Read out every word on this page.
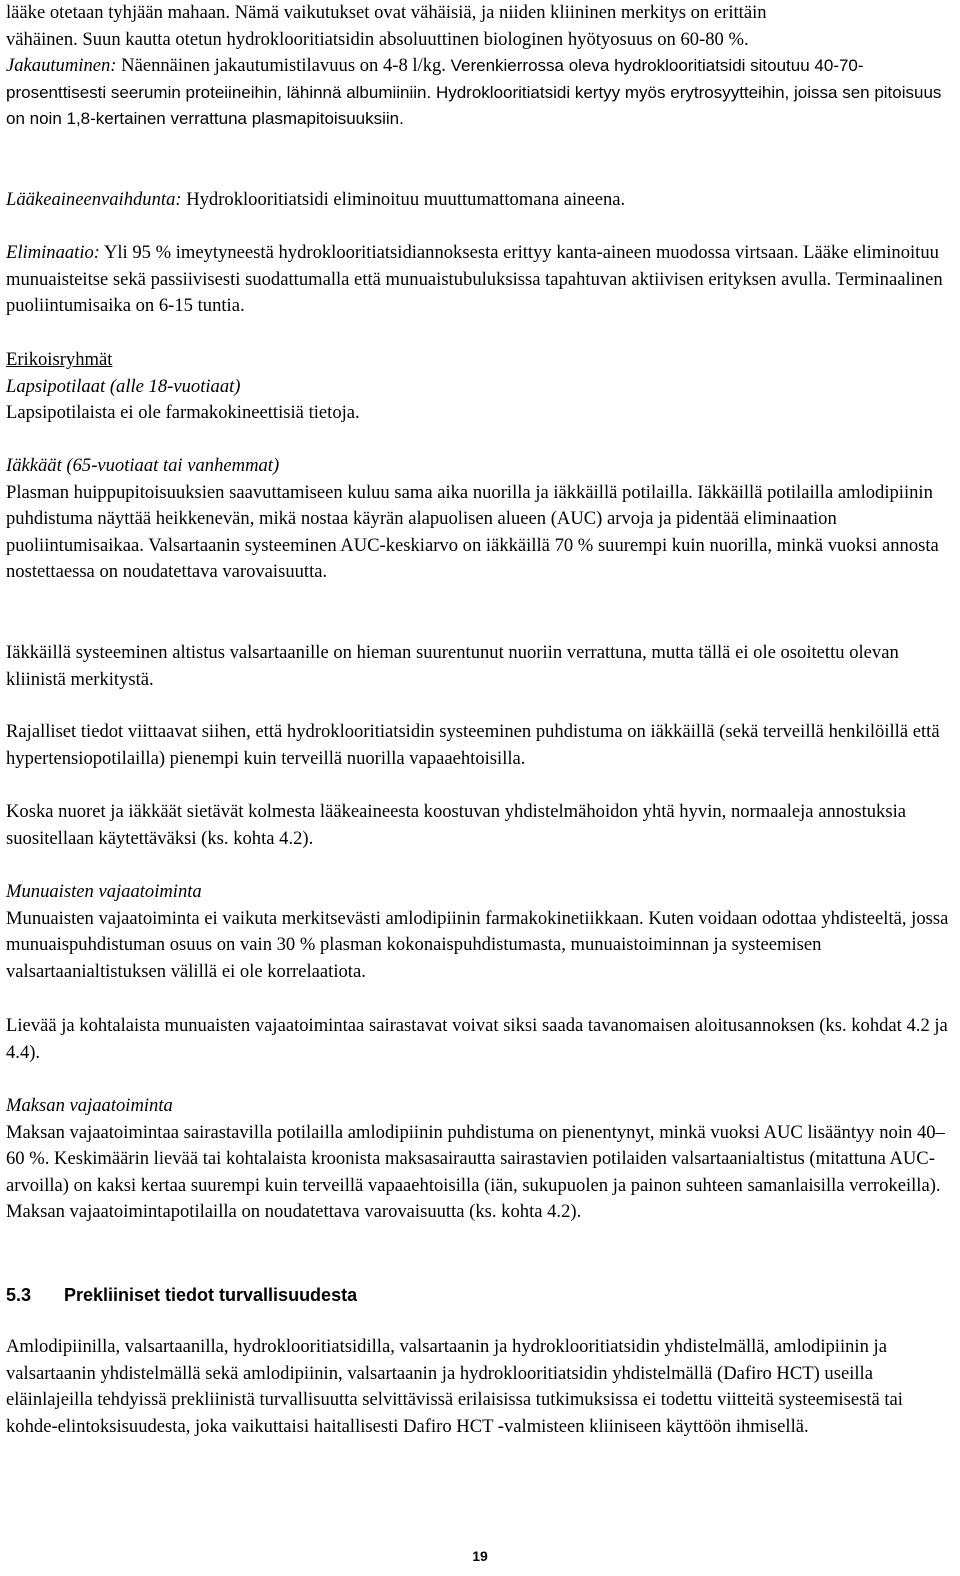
lääke otetaan tyhjään mahaan. Nämä vaikutukset ovat vähäisiä, ja niiden kliininen merkitys on erittäin
vähäinen. Suun kautta otetun hydroklooritiatsidin absoluuttinen biologinen hyötyosuus on 60-80 %.

Jakautuminen: Näennäinen jakautumistilavuus on 4-8 l/kg. Verenkierrossa oleva hydroklooritiatsidi sitoutuu 40-70-prosenttisesti seerumin proteiineihin, lähinnä albumiiniin. Hydroklooritiatsidi kertyy myös erytrosyytteihin, joissa sen pitoisuus on noin 1,8-kertainen verrattuna plasmapitoisuuksiin.

Lääkeaineenvaihdunta: Hydroklooritiatsidi eliminoituu muuttumattomana aineena.

Eliminaatio: Yli 95 % imeytyneestä hydroklooritiatsidiannoksesta erittyy kanta-aineen muodossa virtsaan. Lääke eliminoituu munuaisteitse sekä passiivisesti suodattumalla että munuaistubuluksissa tapahtuvan aktiivisen erityksen avulla. Terminaalinen puoliintumisaika on 6-15 tuntia.

Erikoisryhmät
Lapsipotilaat (alle 18-vuotiaat)
Lapsipotilaista ei ole farmakokineettisiä tietoja.

Iäkkäät (65-vuotiaat tai vanhemmat)
Plasman huippupitoisuuksien saavuttamiseen kuluu sama aika nuorilla ja iäkkäillä potilailla. Iäkkäillä potilailla amlodipiinin puhdistuma näyttää heikkenevän, mikä nostaa käyrän alapuolisen alueen (AUC) arvoja ja pidentää eliminaation puoliintumisaikaa. Valsartaanin systeeminen AUC-keskiarvo on iäkkäillä 70 % suurempi kuin nuorilla, minkä vuoksi annosta nostettaessa on noudatettava varovaisuutta.

Iäkkäillä systeeminen altistus valsartaanille on hieman suurentunut nuoriin verrattuna, mutta tällä ei ole osoitettu olevan kliinistä merkitystä.

Rajalliset tiedot viittaavat siihen, että hydroklooritiatsidin systeeminen puhdistuma on iäkkäillä (sekä terveillä henkilöillä että hypertensiopotilailla) pienempi kuin terveillä nuorilla vapaaehtoisilla.

Koska nuoret ja iäkkäät sietävät kolmesta lääkeaineesta koostuvan yhdistelmähoidon yhtä hyvin, normaaleja annostuksia suositellaan käytettäväksi (ks. kohta 4.2).

Munuaisten vajaatoiminta
Munuaisten vajaatoiminta ei vaikuta merkitsevästi amlodipiinin farmakokinetiikkaan. Kuten voidaan odottaa yhdisteeltä, jossa munuaispuhdistuman osuus on vain 30 % plasman kokonaispuhdistumasta, munuaistoiminnan ja systeemisen valsartaanialtistuksen välillä ei ole korrelaatiota.

Lievää ja kohtalaista munuaisten vajaatoimintaa sairastavat voivat siksi saada tavanomaisen aloitusannoksen (ks. kohdat 4.2 ja 4.4).

Maksan vajaatoiminta
Maksan vajaatoimintaa sairastavilla potilailla amlodipiinin puhdistuma on pienentynyt, minkä vuoksi AUC lisääntyy noin 40–60 %. Keskimäärin lievää tai kohtalaista kroonista maksasairautta sairastavien potilaiden valsartaanialtistus (mitattuna AUC-arvoilla) on kaksi kertaa suurempi kuin terveillä vapaaehtoisilla (iän, sukupuolen ja painon suhteen samanlaisilla verrokeilla). Maksan vajaatoimintapotilailla on noudatettava varovaisuutta (ks. kohta 4.2).

5.3 Prekliiniset tiedot turvallisuudesta

Amlodipiinilla, valsartaanilla, hydroklooritiatsidilla, valsartaanin ja hydroklooritiatsidin yhdistelmällä, amlodipiinin ja valsartaanin yhdistelmällä sekä amlodipiinin, valsartaanin ja hydroklooritiatsidin yhdistelmällä (Dafiro HCT) useilla eläinlajeilla tehdyissä prekliinistä turvallisuutta selvittävissä erilaisissa tutkimuksissa ei todettu viitteitä systeemisestä tai kohde-elintoksisuudesta, joka vaikuttaisi haitallisesti Dafiro HCT -valmisteen kliiniseen käyttöön ihmisellä.

19
